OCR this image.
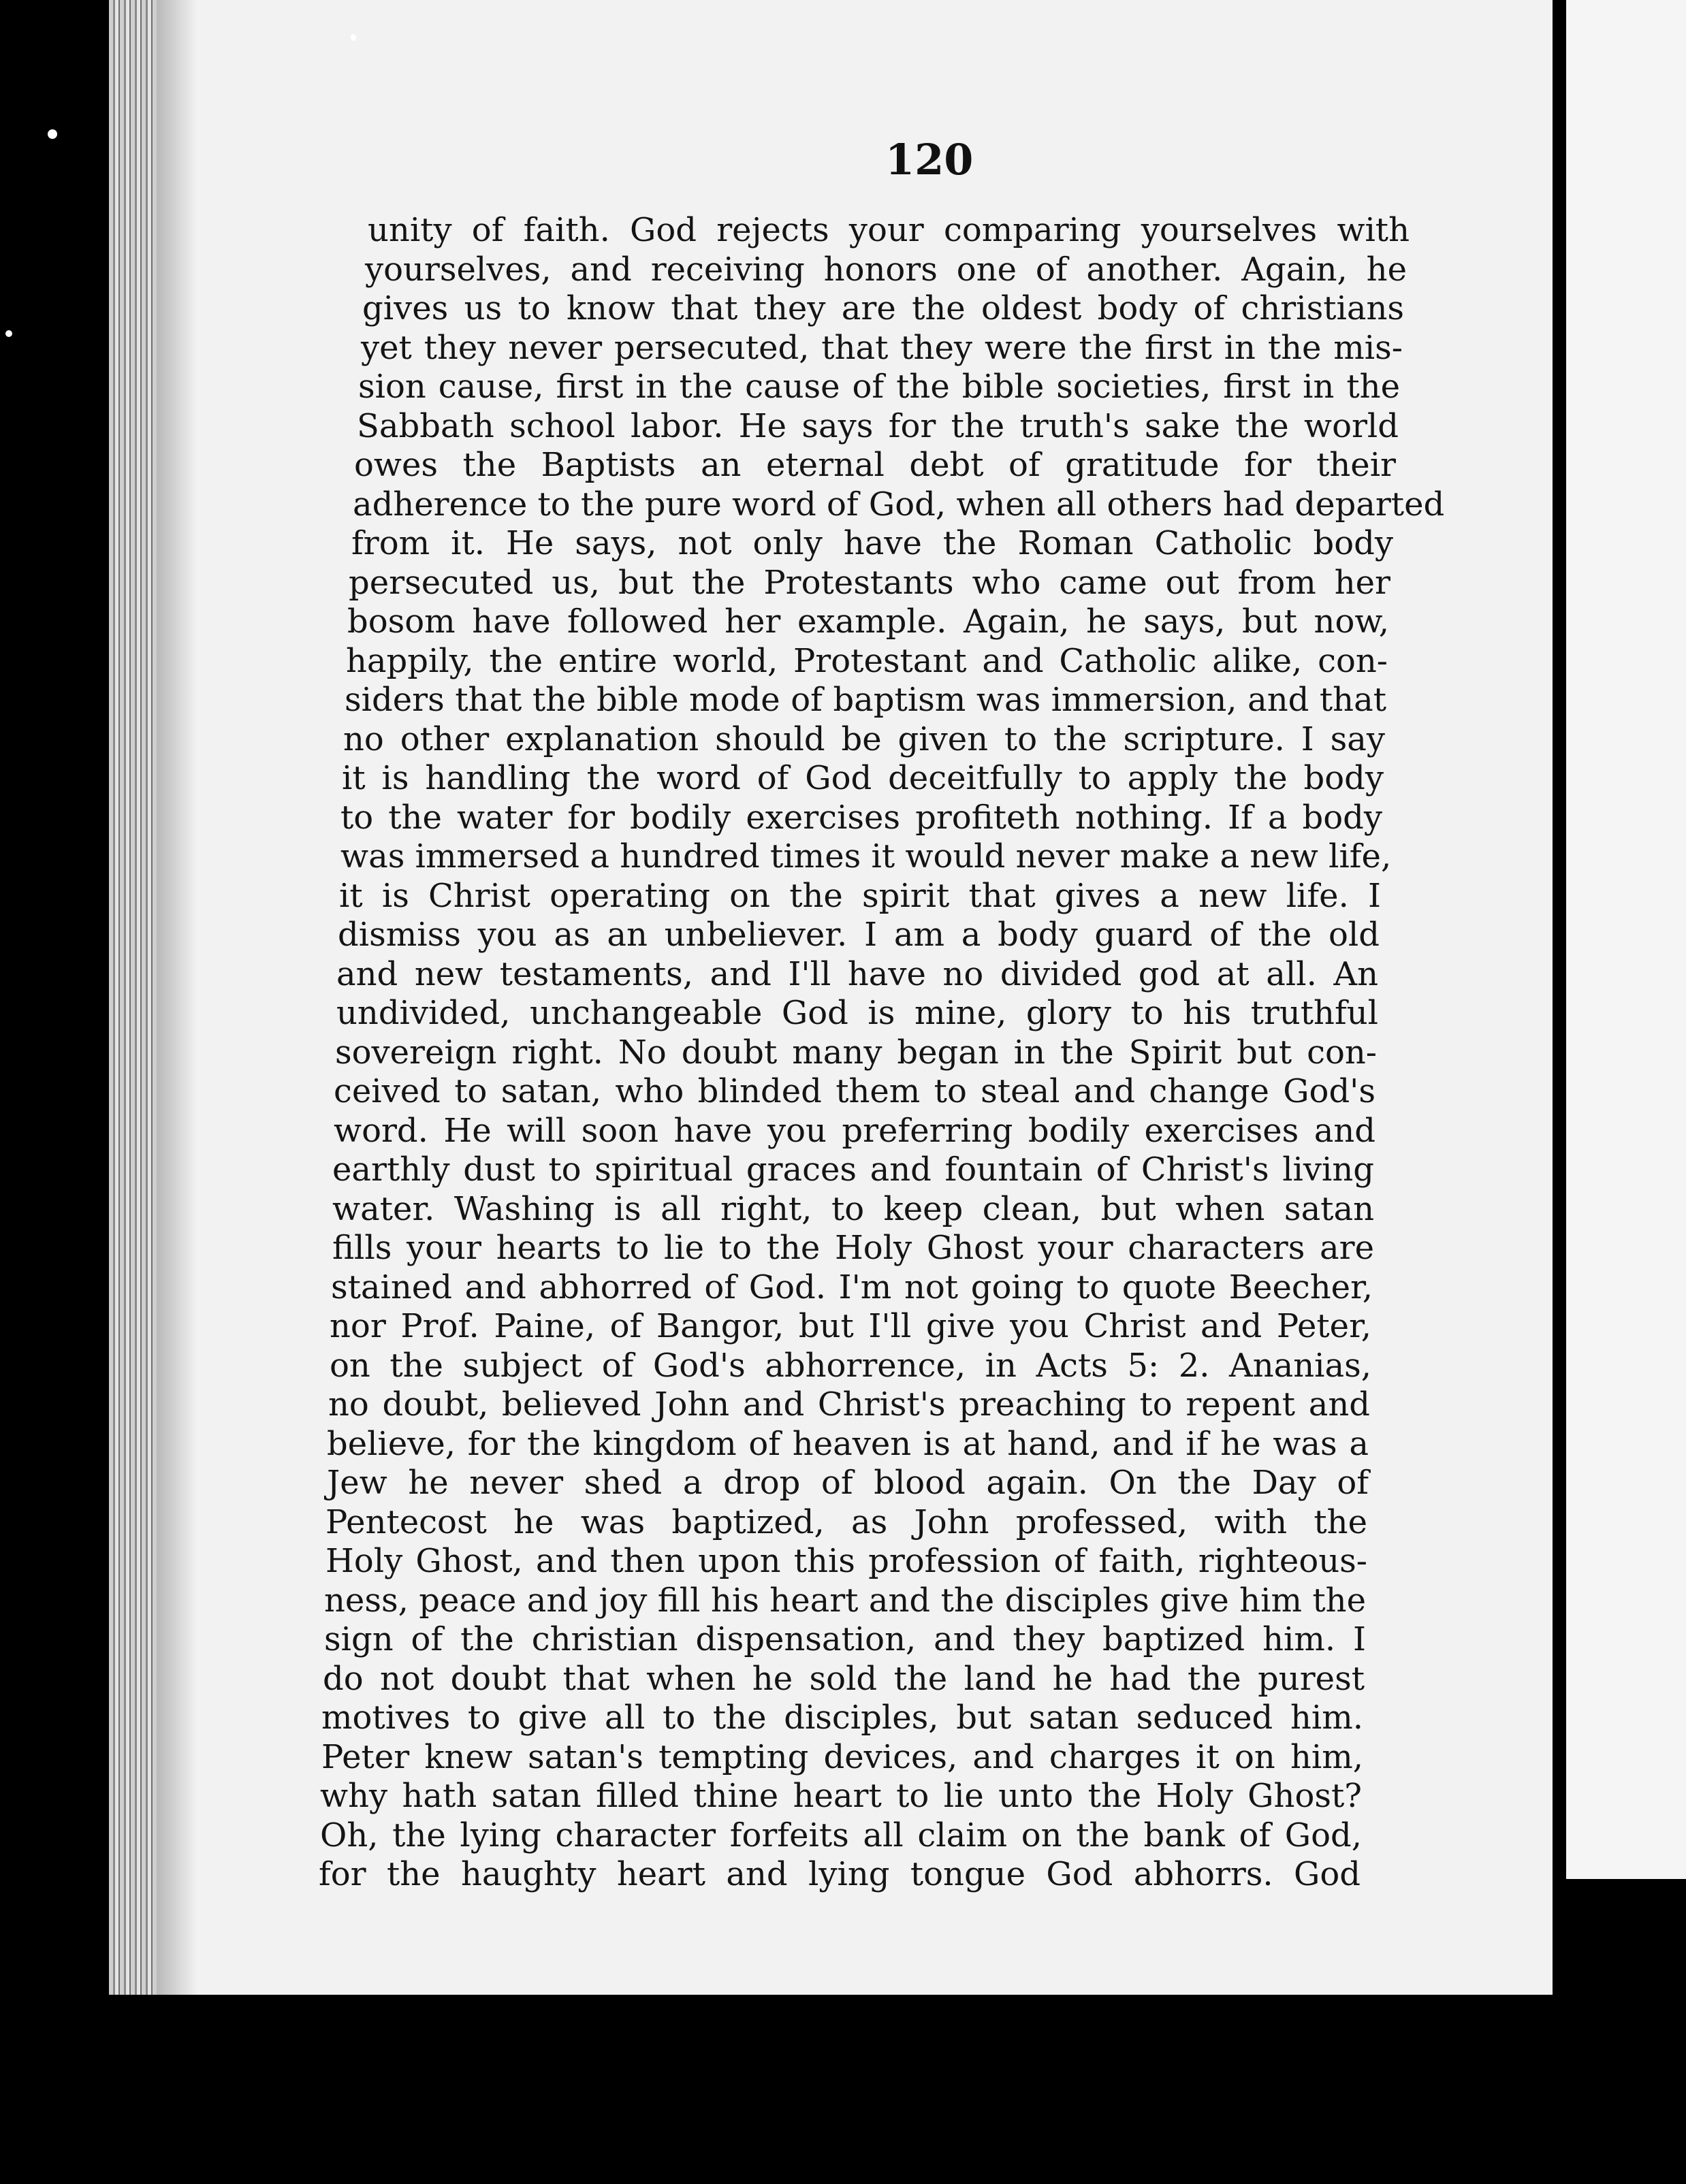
120
unity of faith. God rejects your comparing yourselves with
yourselves, and receiving honors one of another. Again, he
gives us to know that they are the oldest body of christians
yet they never persecuted, that they were the first in the mis-
sion cause, first in the cause of the bible societies, first in the
Sabbath school labor. He says for the truth's sake the world
owes the Baptists an eternal debt of gratitude for their
adherence to the pure word of God, when all others had departed
from it. He says, not only have the Roman Catholic body
persecuted us, but the Protestants who came out from her
bosom have followed her example. Again, he says, but now,
happily, the entire world, Protestant and Catholic alike, con-
siders that the bible mode of baptism was immersion, and that
no other explanation should be given to the scripture. I say
it is handling the word of God deceitfully to apply the body
to the water for bodily exercises profiteth nothing. If a body
was immersed a hundred times it would never make a new life,
it is Christ operating on the spirit that gives a new life. I
dismiss you as an unbeliever. I am a body guard of the old
and new testaments, and I'll have no divided god at all. An
undivided, unchangeable God is mine, glory to his truthful
sovereign right. No doubt many began in the Spirit but con-
ceived to satan, who blinded them to steal and change God's
word. He will soon have you preferring bodily exercises and
earthly dust to spiritual graces and fountain of Christ's living
water. Washing is all right, to keep clean, but when satan
fills your hearts to lie to the Holy Ghost your characters are
stained and abhorred of God. I'm not going to quote Beecher,
nor Prof. Paine, of Bangor, but I'll give you Christ and Peter,
on the subject of God's abhorrence, in Acts 5: 2. Ananias,
no doubt, believed John and Christ's preaching to repent and
believe, for the kingdom of heaven is at hand, and if he was a
Jew he never shed a drop of blood again. On the Day of
Pentecost he was baptized, as John professed, with the
Holy Ghost, and then upon this profession of faith, righteous-
ness, peace and joy fill his heart and the disciples give him the
sign of the christian dispensation, and they baptized him. I
do not doubt that when he sold the land he had the purest
motives to give all to the disciples, but satan seduced him.
Peter knew satan's tempting devices, and charges it on him,
why hath satan filled thine heart to lie unto the Holy Ghost?
Oh, the lying character forfeits all claim on the bank of God,
for the haughty heart and lying tongue God abhorrs. God
